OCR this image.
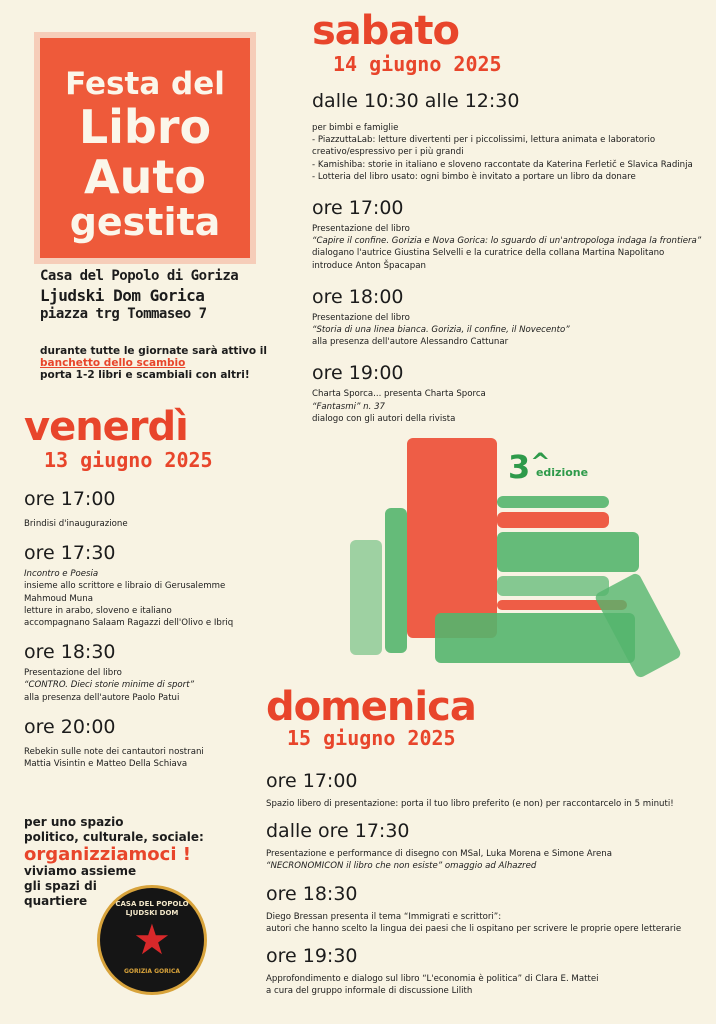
Festa del
Libro
Auto
gestita
Casa del Popolo di Goriza
Ljudski Dom Gorica
piazza trg Tommaseo 7
durante tutte le giornate sarà attivo il
banchetto dello scambio
porta 1-2 libri e scambiali con altri!
sabato
14 giugno 2025
dalle 10:30 alle 12:30
per bimbi e famiglie
- PiazzuttaLab: letture divertenti per i piccolissimi, lettura animata e laboratorio
creativo/espressivo per i più grandi
- Kamishiba: storie in italiano e sloveno raccontate da Katerina Ferletič e Slavica Radinja
- Lotteria del libro usato: ogni bimbo è invitato a portare un libro da donare
ore 17:00
Presentazione del libro
“Capire il confine. Gorizia e Nova Gorica: lo sguardo di un'antropologa indaga la frontiera”
dialogano l'autrice Giustina Selvelli e la curatrice della collana Martina Napolitano
introduce Anton Špacapan
ore 18:00
Presentazione del libro
“Storia di una linea bianca. Gorizia, il confine, il Novecento”
alla presenza dell'autore Alessandro Cattunar
ore 19:00
Charta Sporca... presenta Charta Sporca
“Fantasmi” n. 37
dialogo con gli autori della rivista
venerdì
13 giugno 2025
ore 17:00
Brindisi d'inaugurazione
ore 17:30
Incontro e Poesia
insieme allo scrittore e libraio di Gerusalemme
Mahmoud Muna
letture in arabo, sloveno e italiano
accompagnano Salaam Ragazzi dell'Olivo e Ibriq
ore 18:30
Presentazione del libro
“CONTRO. Dieci storie minime di sport”
alla presenza dell'autore Paolo Patui
ore 20:00
Rebekin sulle note dei cantautori nostrani
Mattia Visintin e Matteo Della Schiava
3^ edizione
domenica
15 giugno 2025
ore 17:00
Spazio libero di presentazione: porta il tuo libro preferito (e non) per raccontarcelo in 5 minuti!
dalle ore 17:30
Presentazione e performance di disegno con MSal, Luka Morena e Simone Arena
“NECRONOMICON il libro che non esiste” omaggio ad Alhazred
ore 18:30
Diego Bressan presenta il tema “Immigrati e scrittori”:
autori che hanno scelto la lingua dei paesi che li ospitano per scrivere le proprie opere letterarie
ore 19:30
Approfondimento e dialogo sul libro “L'economia è politica” di Clara E. Mattei
a cura del gruppo informale di discussione Lilith
per uno spazio
politico, culturale, sociale:
organizziamoci !
viviamo assieme
gli spazi di
quartiere	CASA DEL POPOLO
LJUDSKI DOM
★
GORIZIA GORICA
